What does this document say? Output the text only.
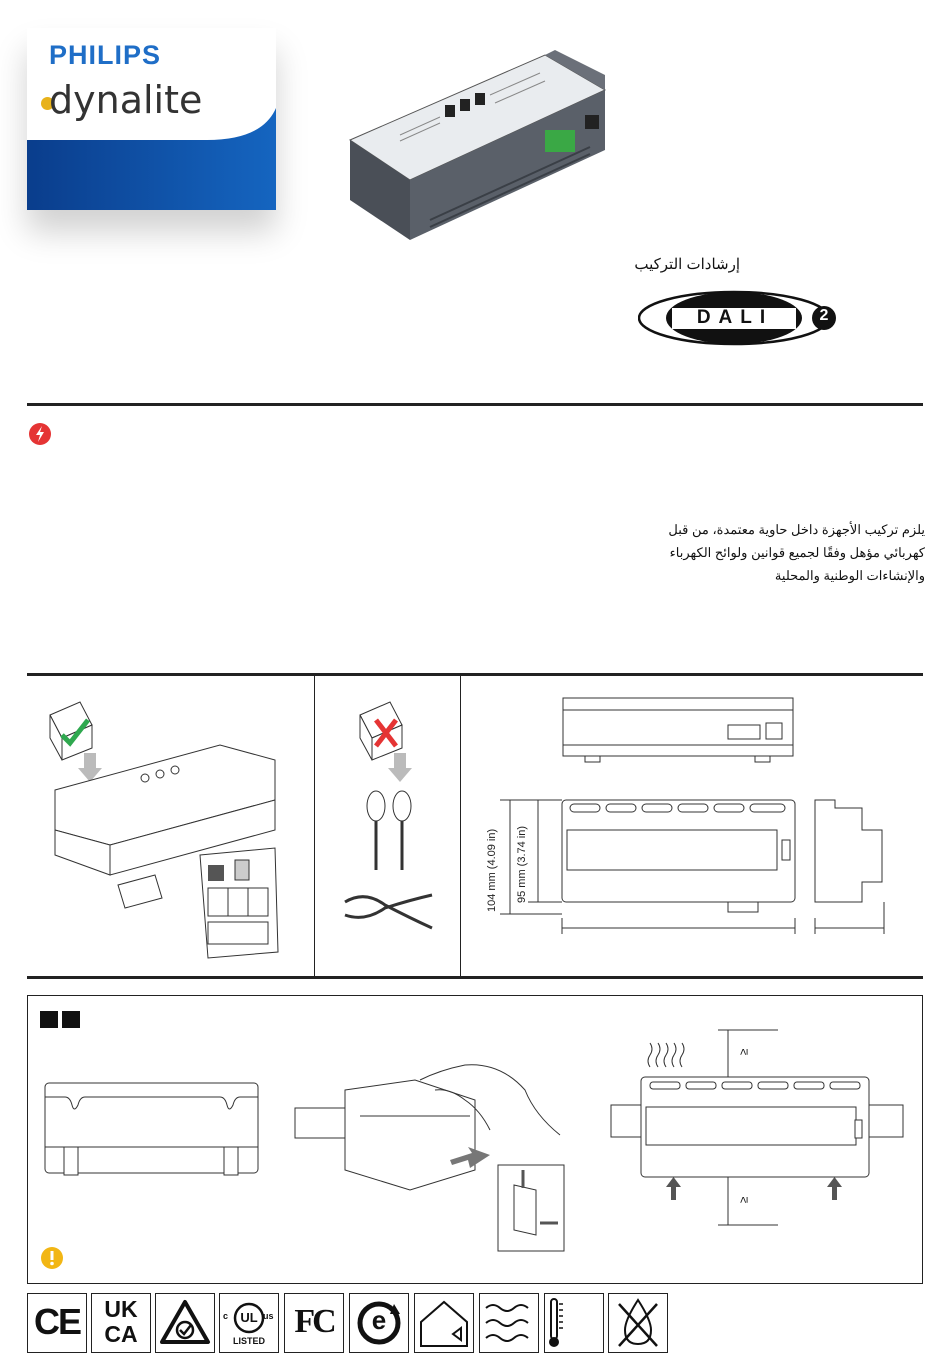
PHILIPS
dynalite
إرشادات التركيب
DALI	2
يلزم تركيب الأجهزة داخل حاوية معتمدة، من قبل
كهربائي مؤهل وفقًا لجميع قوانين ولوائح الكهرباء
والإنشاءات الوطنية والمحلية
104 mm (4.09 in) 95 mm (3.74 in)
≥
≥
CE	UK
CA
c UL us
LISTED
FC	e
